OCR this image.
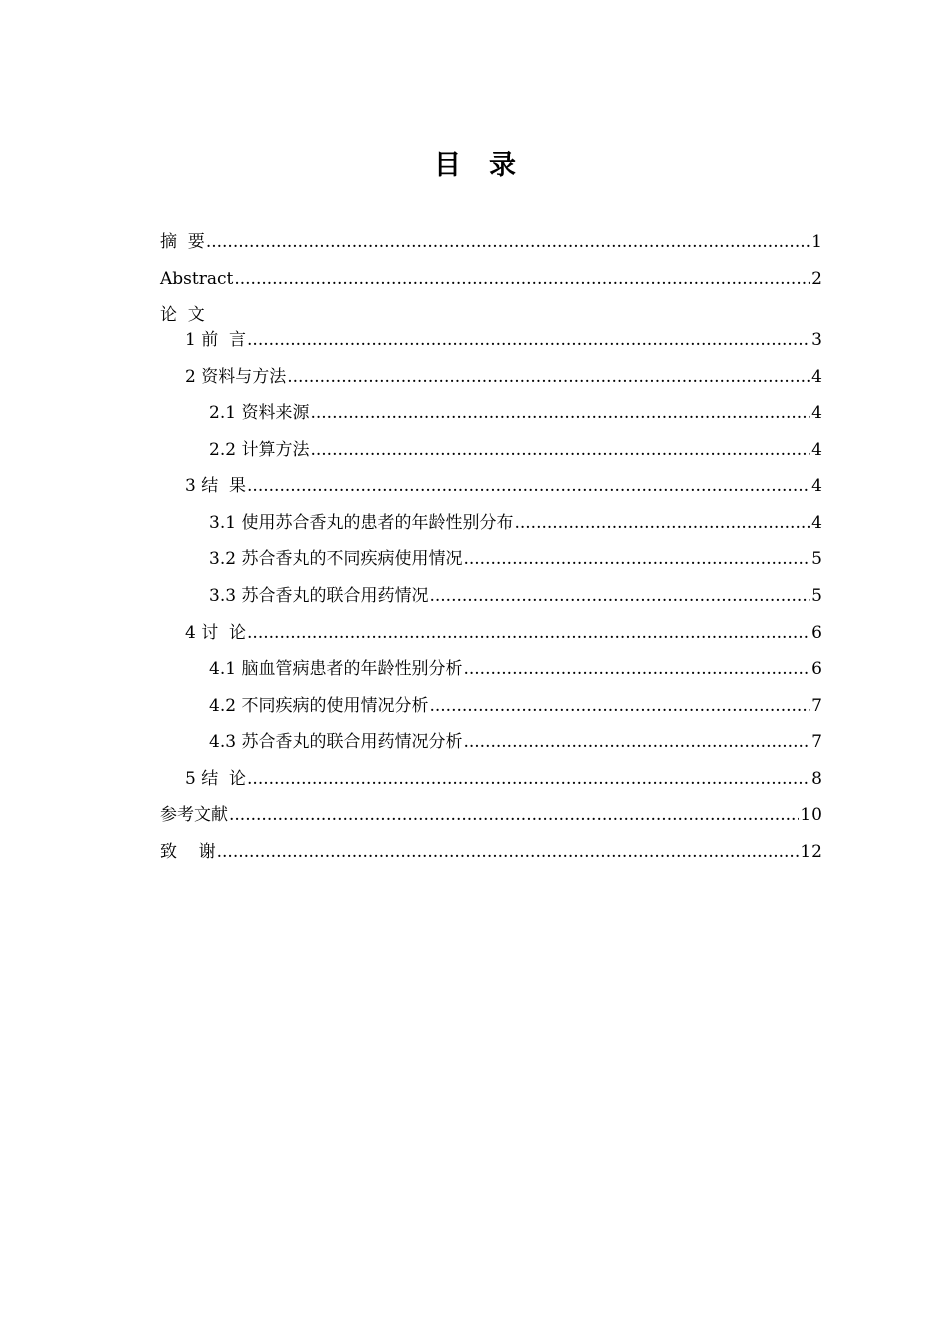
目 录
摘  要 .....	1
Abstract .....	2
论  文
1 前  言 .....	3
2 资料与方法 .....	4
2.1 资料来源 .....	4
2.2 计算方法 .....	4
3 结  果 .....	4
3.1 使用苏合香丸的患者的年龄性别分布 .....	4
3.2 苏合香丸的不同疾病使用情况 .....	5
3.3 苏合香丸的联合用药情况 .....	5
4 讨  论 .....	6
4.1 脑血管病患者的年龄性别分析 .....	6
4.2 不同疾病的使用情况分析 .....	7
4.3 苏合香丸的联合用药情况分析 .....	7
5 结  论 .....	8
参考文献 .....	10
致    谢 .....	12
